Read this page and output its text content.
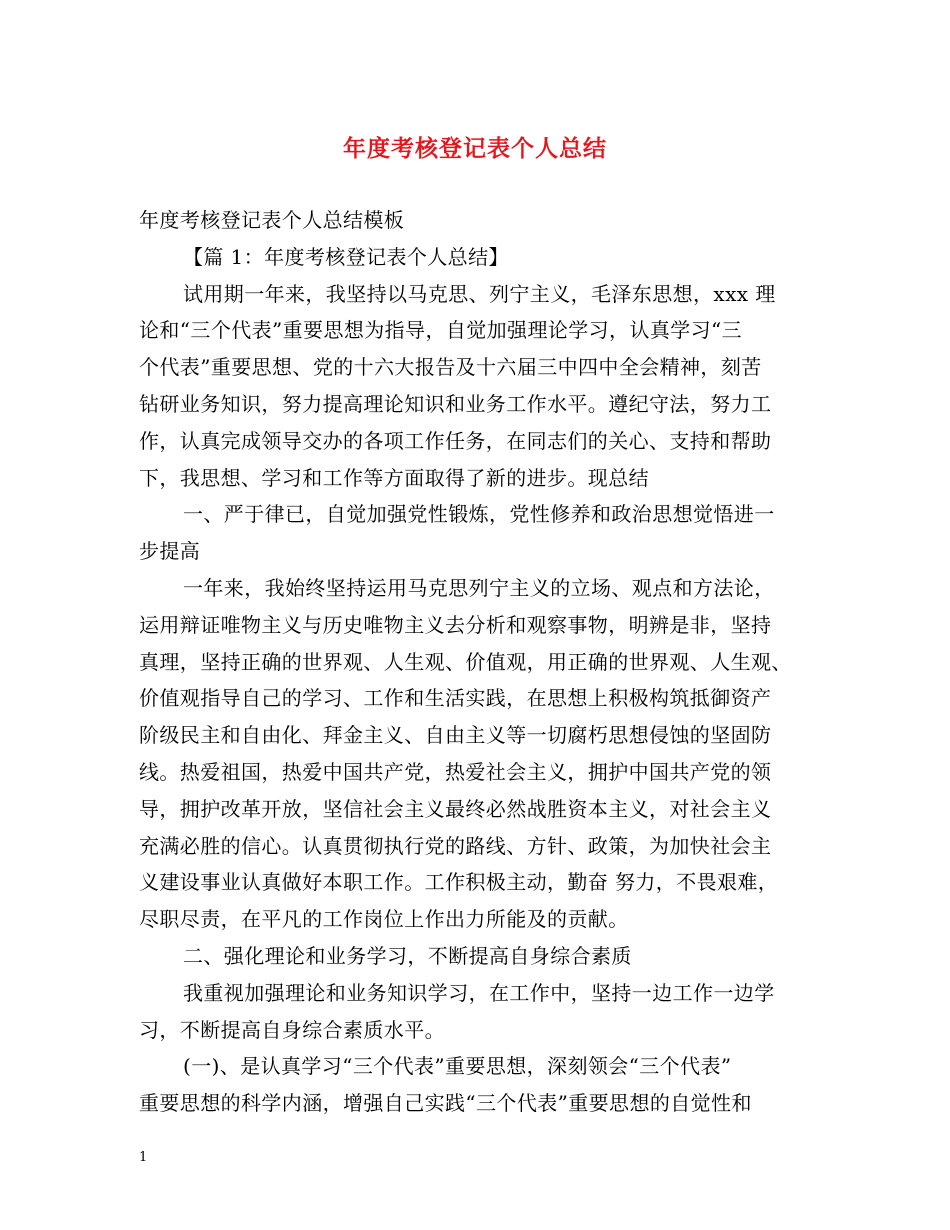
年度考核登记表个人总结
年度考核登记表个人总结模板
【篇 1：年度考核登记表个人总结】
试用期一年来，我坚持以马克思、列宁主义，毛泽东思想，xxx 理
论和“三个代表”重要思想为指导，自觉加强理论学习，认真学习“三
个代表”重要思想、党的十六大报告及十六届三中四中全会精神，刻苦
钻研业务知识，努力提高理论知识和业务工作水平。遵纪守法，努力工
作，认真完成领导交办的各项工作任务，在同志们的关心、支持和帮助
下，我思想、学习和工作等方面取得了新的进步。现总结
一、严于律已，自觉加强党性锻炼，党性修养和政治思想觉悟进一
步提高
一年来，我始终坚持运用马克思列宁主义的立场、观点和方法论，
运用辩证唯物主义与历史唯物主义去分析和观察事物，明辨是非，坚持
真理，坚持正确的世界观、人生观、价值观，用正确的世界观、人生观、
价值观指导自己的学习、工作和生活实践，在思想上积极构筑抵御资产
阶级民主和自由化、拜金主义、自由主义等一切腐朽思想侵蚀的坚固防
线。热爱祖国，热爱中国共产党，热爱社会主义，拥护中国共产党的领
导，拥护改革开放，坚信社会主义最终必然战胜资本主义，对社会主义
充满必胜的信心。认真贯彻执行党的路线、方针、政策，为加快社会主
义建设事业认真做好本职工作。工作积极主动，勤奋 努力，不畏艰难，
尽职尽责，在平凡的工作岗位上作出力所能及的贡献。
二、强化理论和业务学习，不断提高自身综合素质
我重视加强理论和业务知识学习，在工作中，坚持一边工作一边学
习，不断提高自身综合素质水平。
(一)、是认真学习“三个代表”重要思想，深刻领会“三个代表”
重要思想的科学内涵，增强自己实践“三个代表”重要思想的自觉性和
1
